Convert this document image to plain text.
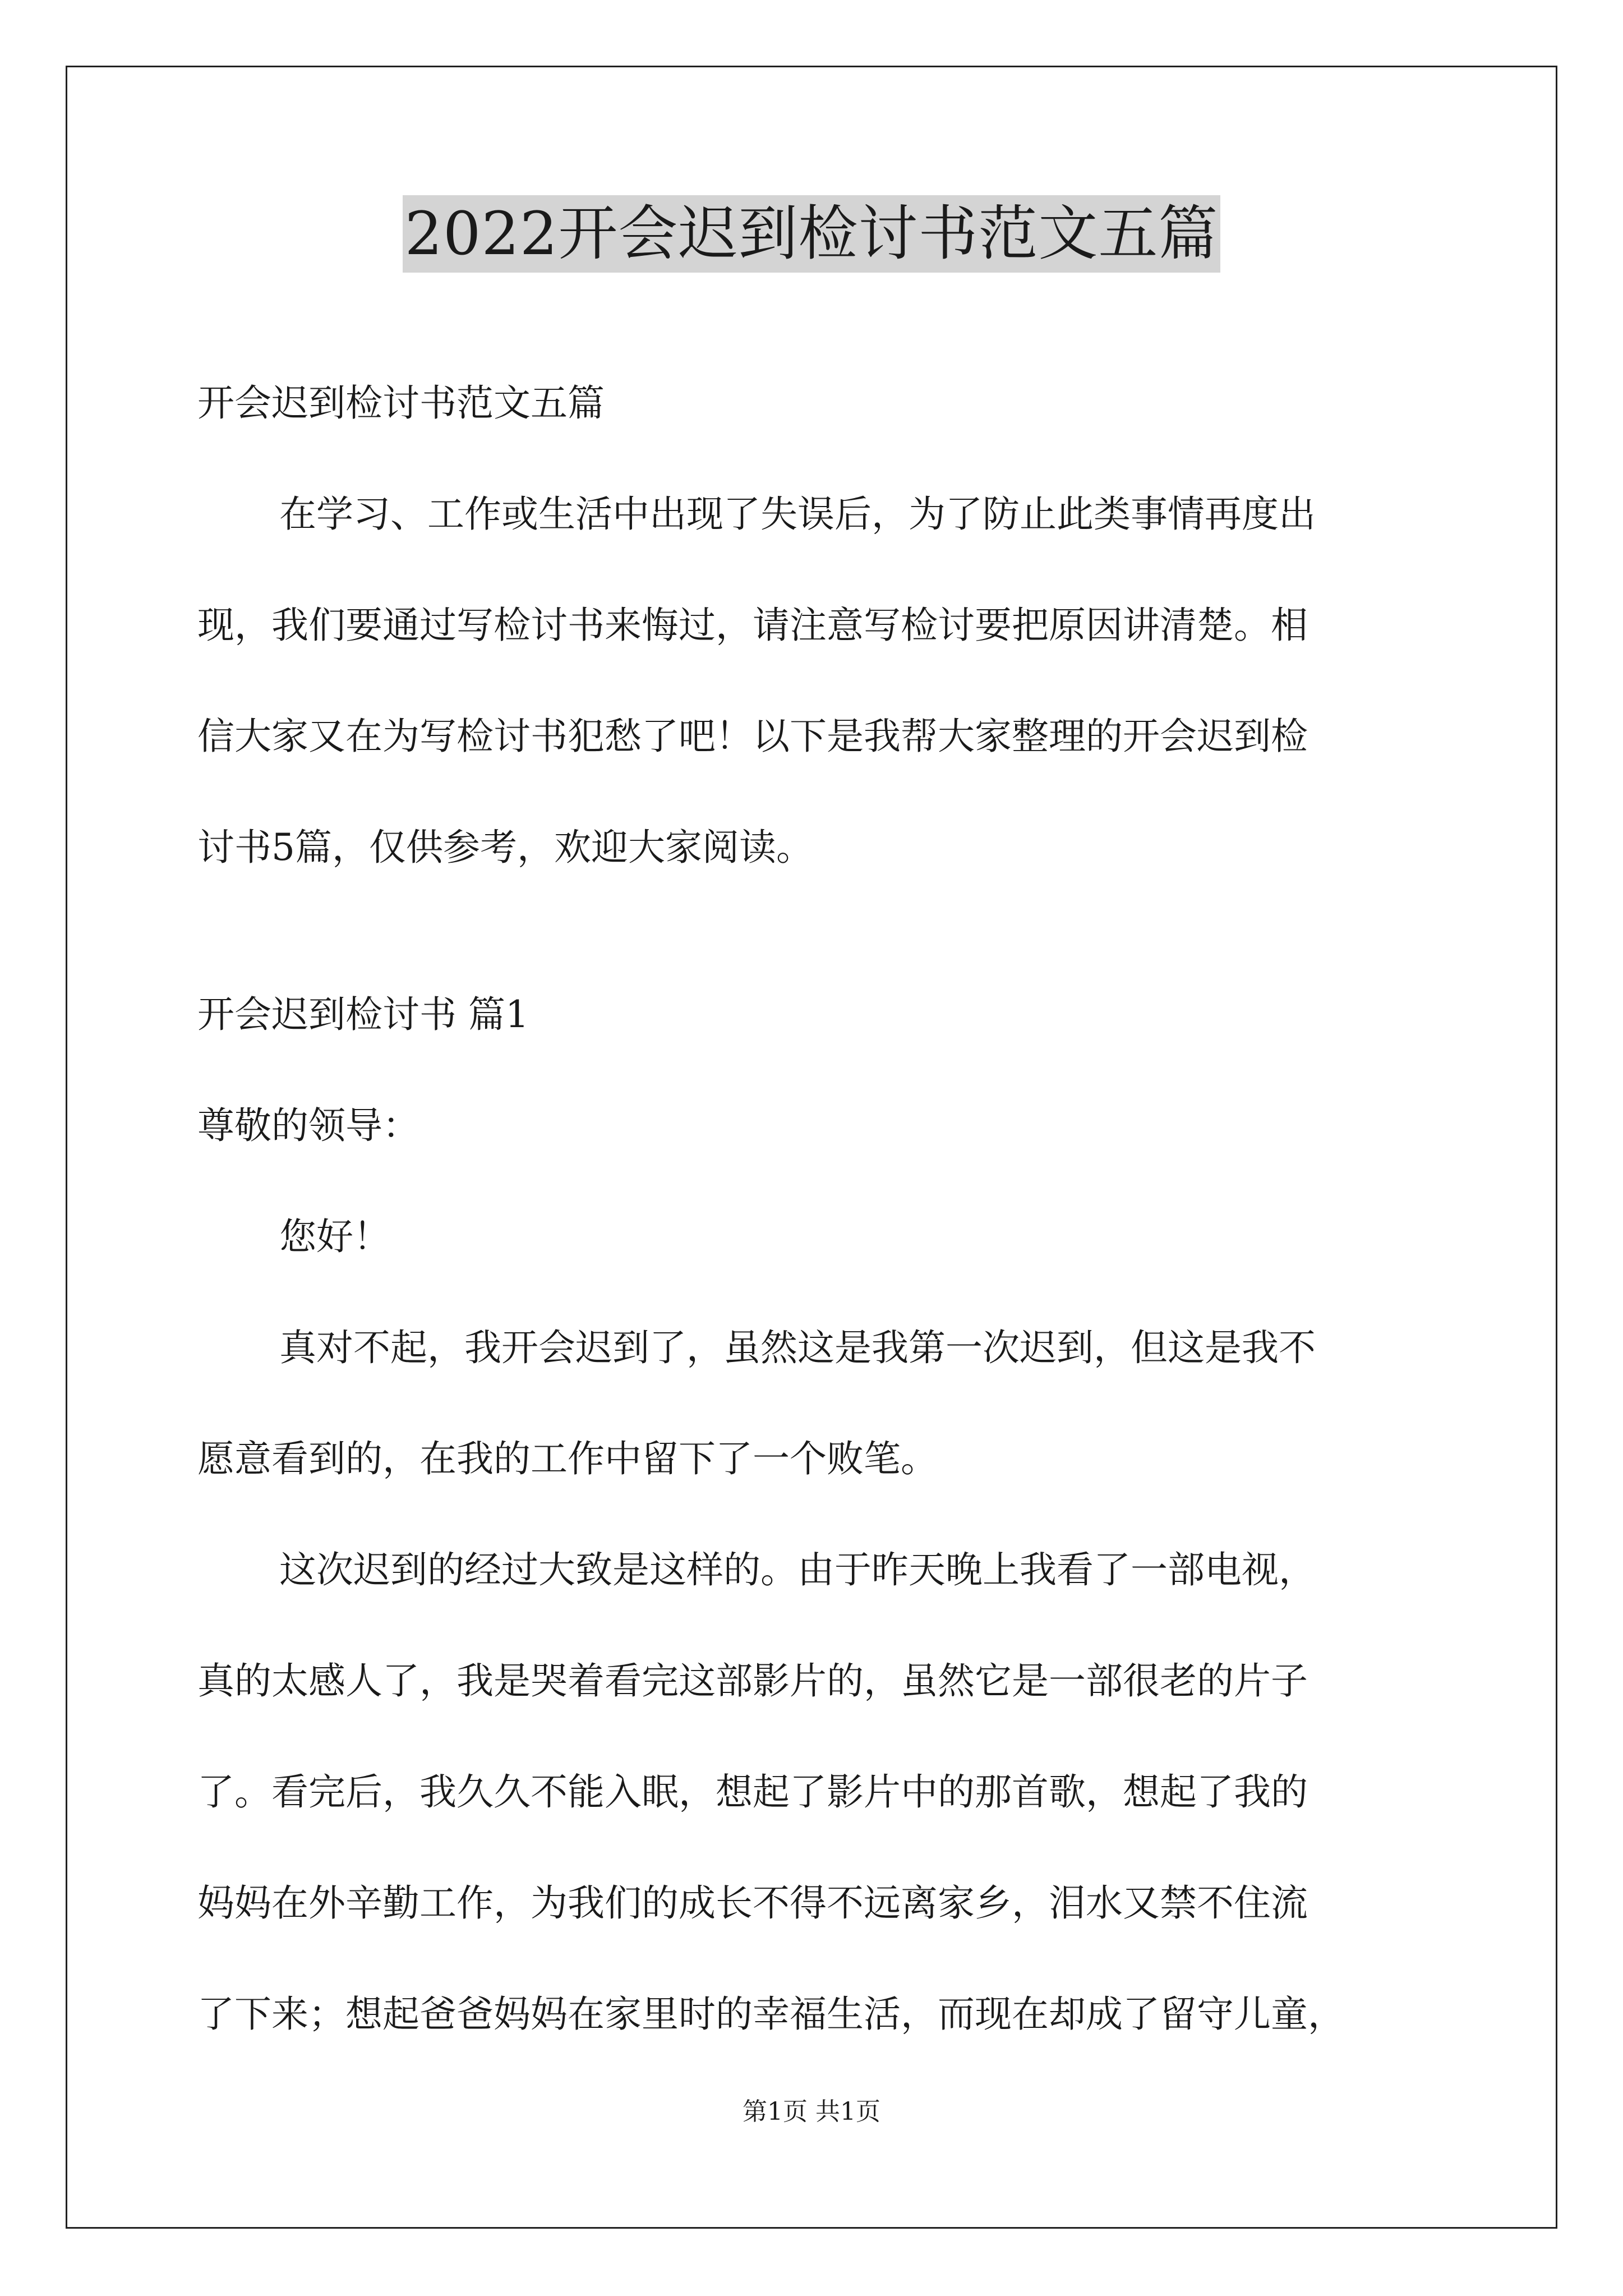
2022开会迟到检讨书范文五篇
开会迟到检讨书范文五篇
在学习、工作或生活中出现了失误后，为了防止此类事情再度出
现，我们要通过写检讨书来悔过，请注意写检讨要把原因讲清楚。相
信大家又在为写检讨书犯愁了吧！以下是我帮大家整理的开会迟到检
讨书5篇，仅供参考，欢迎大家阅读。
开会迟到检讨书 篇1
尊敬的领导：
您好！
真对不起，我开会迟到了，虽然这是我第一次迟到，但这是我不
愿意看到的，在我的工作中留下了一个败笔。
这次迟到的经过大致是这样的。由于昨天晚上我看了一部电视，
真的太感人了，我是哭着看完这部影片的，虽然它是一部很老的片子
了。看完后，我久久不能入眠，想起了影片中的那首歌，想起了我的
妈妈在外辛勤工作，为我们的成长不得不远离家乡，泪水又禁不住流
了下来；想起爸爸妈妈在家里时的幸福生活，而现在却成了留守儿童，
第1页 共1页
